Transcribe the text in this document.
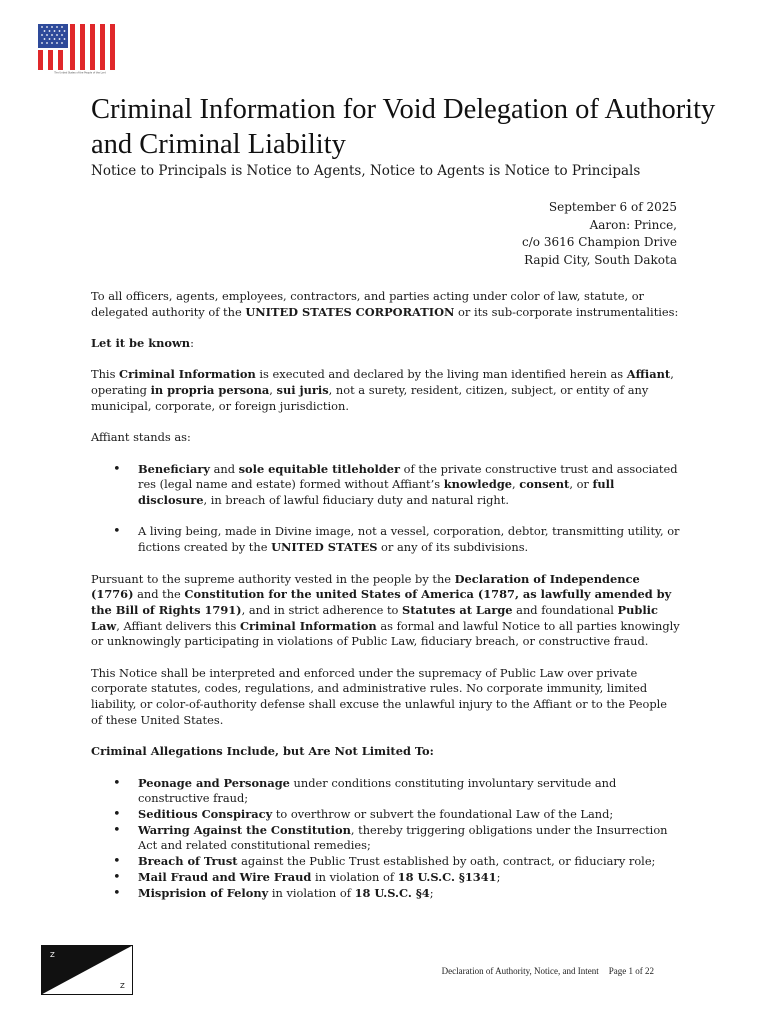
The Untied States of the People of the Lord
Criminal Information for Void Delegation of Authority and Criminal Liability

Notice to Principals is Notice to Agents, Notice to Agents is Notice to Principals

September 6 of 2025
Aaron: Prince,
c/o 3616 Champion Drive
Rapid City, South Dakota

To all officers, agents, employees, contractors, and parties acting under color of law, statute, or delegated authority of the UNITED STATES CORPORATION or its sub-corporate instrumentalities:

Let it be known:

This Criminal Information is executed and declared by the living man identified herein as Affiant, operating in propria persona, sui juris, not a surety, resident, citizen, subject, or entity of any municipal, corporate, or foreign jurisdiction.

Affiant stands as:

• Beneficiary and sole equitable titleholder of the private constructive trust and associated res (legal name and estate) formed without Affiant’s knowledge, consent, or full disclosure, in breach of lawful fiduciary duty and natural right.
• A living being, made in Divine image, not a vessel, corporation, debtor, transmitting utility, or fictions created by the UNITED STATES or any of its subdivisions.

Pursuant to the supreme authority vested in the people by the Declaration of Independence (1776) and the Constitution for the united States of America (1787, as lawfully amended by the Bill of Rights 1791), and in strict adherence to Statutes at Large and foundational Public Law, Affiant delivers this Criminal Information as formal and lawful Notice to all parties knowingly or unknowingly participating in violations of Public Law, fiduciary breach, or constructive fraud.

This Notice shall be interpreted and enforced under the supremacy of Public Law over private corporate statutes, codes, regulations, and administrative rules. No corporate immunity, limited liability, or color-of-authority defense shall excuse the unlawful injury to the Affiant or to the People of these United States.

Criminal Allegations Include, but Are Not Limited To:

• Peonage and Personage under conditions constituting involuntary servitude and constructive fraud;
• Seditious Conspiracy to overthrow or subvert the foundational Law of the Land;
• Warring Against the Constitution, thereby triggering obligations under the Insurrection Act and related constitutional remedies;
• Breach of Trust against the Public Trust established by oath, contract, or fiduciary role;
• Mail Fraud and Wire Fraud in violation of 18 U.S.C. §1341;
• Misprision of Felony in violation of 18 U.S.C. §4;
Z
Z
Declaration of Authority, Notice, and Intent Page 1 of 22
